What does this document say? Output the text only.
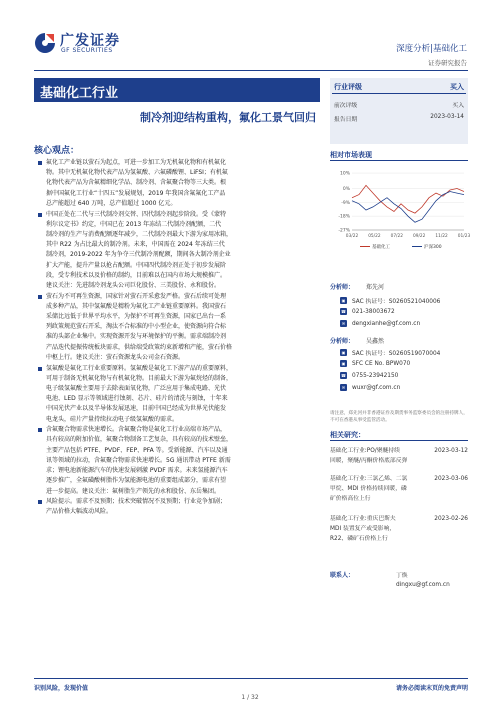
广发证券
GF SECURITIES	深度分析|基础化工
证券研究报告
基础化工行业
制冷剂迎结构重构，氟化工景气回归
核心观点：
氟化工产业链以萤石为起点，可进一步加工为无机氟化物和有机氟化
物。其中无机氟化物代表产品为氢氟酸、六氟磷酸锂、LiFSI；有机氟
化物代表产品为含氟精细化学品、制冷剂、含氟聚合物等三大类。根
据中国氟化工行业“十四五”发展规划，2019 年我国含氟氟化工产品
总产能超过 640 万吨，总产值超过 1000 亿元。
中国正处在二代与三代制冷剂交替、四代制冷剂起步阶段。受《蒙特
利尔议定书》约定，中国已在 2013 年冻结二代制冷剂配额，二代
制冷剂的生产与消费配额逐年减少，二代制冷剂最大下游为家用冰箱，
其中 R22 为占比最大的制冷剂。未来，中国需在 2024 年冻结三代
制冷剂，2019-2022 年为争夺三代制冷剂配额，期间各大制冷剂企业
扩大产能，提升产量以抢占配额。中国四代制冷剂正处于初步发展阶
段，受专利技术以及价格的制约，目前难以在国内市场大规模推广。
建议关注：先进制冷剂龙头公司巨化股份、三美股份、永和股份。
萤石为不可再生资源，国家针对萤石开采愈发严格。萤石后续可处理
成多种产品，其中氢氟酸是精粉为氟化工产业链重要原料。我国萤石
采储比远低于世界平均水平，为保护不可再生资源，国家已出台一系
列政策规范萤石开采，淘汰不合标准的中小型企业，使资源向符合标
准的头部企业集中。实现资源开发与环境保护的平衡。需求端制冷剂
产品迭代提振传统板块需求，供给端受政策约束新增和产能，萤石价格
中枢上行。建议关注：萤石资源龙头公司金石资源。
氢氟酸是氟化工行业重要原料。氢氟酸是氟化工下游产品的重要原料，
可用于制备无机氟化物与有机氟化物。目前最大下游为氟烷烃的制备，
电子级氢氟酸主要用于去除表面氧化物，广泛应用于集成电路、光伏
电池、LED 显示等领域进行蚀刻、芯片、硅片的清洗与刻蚀，十年来
中国光伏产业以及半导体发展迅速，目前中国已经成为世界光伏能发
电龙头，硅片产量持续拉动电子级氢氟酸的需求。
含氟聚合物需求快速增长。含氟聚合物是氟化工行业高端市场产品，
具有较高的附加价值，氟聚合物制备工艺复杂，具有较高的技术壁垒，
主要产品包括 PTFE、PVDF、FEP、PFA 等。受新能源、汽车以及通
讯等领域的拉动，含氟聚合物需求快速增长。5G 通讯带动 PTFE 新需
求；锂电池新能源汽车的快速发展刺激 PVDF 需求。未来氢能源汽车
逐步推广，全氟磺酸树脂作为氢能源电池的重要组成部分，需求有望
进一步提高。建议关注：氟树脂生产领先的永和股份、东岳集团。
风险提示。需求不及预期；技术突破情况不及预期；行业竞争加剧；
产品价格大幅波动风险。
行业评级	买入
前次评级	买入
报告日期	2023-03-14
相对市场表现
-27%
-18%
-9%
0%
10%
03/22 05/22 07/22 09/22 11/22 01/23
基础化工	沪深300
分析师： 郑先河
▣ SAC 执证号：S0260521040006
☎ 021-38003672
✉	dengxianhe@gf.com.cn
分析师： 吴鑫然
▣ SAC 执证号：S0260519070004
▣ SFC CE No. BPW070
☎ 0755-23942150
✉	wuxr@gf.com.cn
请注意，郑先河并非香港证券及期货事务监察委员会的注册持牌人，不可在香港从事受监管活动。
相关研究：
基础化工行业:PO/聚醚持续
回暖，聚醚/丙酮价格底部反弹
2023-03-12
基础化工行业:三氯乙烯、二氯
甲烷、MDI 价格持续回暖，磷
矿价格高位上行
2023-03-06
基础化工行业:重庆巴斯夫
MDI 装置复产或受影响，
R22、磷矿石价格上行
2023-02-26
联系人：	丁焕
dingxu@gf.com.cn
识别风险，发现价值	请务必阅读末页的免责声明
1 / 32
